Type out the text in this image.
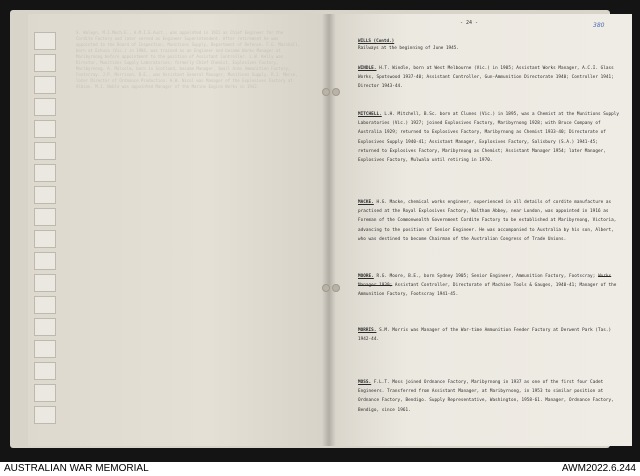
S. Walwyn, M.I.Mech.E., A.M.I.E.Aust., was appointed in 1915 as Chief Engineer for the Cordite Factory and later served as Engineer Superintendent. After retirement he was appointed to the Board of Inspection, Munitions Supply, Department of Defence. F.G. Marshall, born at Echuca (Vic.) in 1904, was trained as an Engineer and became Works Manager at Maribyrnong before appointment to the position of Assistant Controller. L.W. Kelly was Director, Munitions Supply Laboratories; formerly Chief Chemist, Explosives Factory, Maribyrnong. A. Malcolm, born in Scotland, became Manager, Small Arms Ammunition Factory, Footscray. J.P. Morrison, B.E., was Assistant General Manager, Munitions Supply. R.J. Morse, later Director of Ordnance Production. H.W. Nicol was Manager of the Explosives Factory at Albion. M.J. Noble was appointed Manager of the Marine Engine Works in 1942.
- 24 -	380
WILLS (Contd.)
Railways at the beginning of June 1945.
WINDLE. H.T. Windle, born at West Melbourne (Vic.) in 1905; Assistant Works Manager, A.C.I. Glass Works, Spotswood 1937-40; Assistant Controller, Gun-Ammunition Directorate 1940; Controller 1941; Director 1943-44.
MITCHELL. L.H. Mitchell, B.Sc. born at Clunes (Vic.) in 1895, was a Chemist at the Munitions Supply Laboratories (Vic.) 1927; joined Explosives Factory, Maribyrnong 1928; with Bruce Company of Australia 1929; returned to Explosives Factory, Maribyrnong as Chemist 1933-40; Directorate of Explosives Supply 1940-41; Assistant Manager, Explosives Factory, Salisbury (S.A.) 1941-45; returned to Explosives Factory, Maribyrnong as Chemist; Assistant Manager 1954; later Manager, Explosives Factory, Mulwala until retiring in 1970.
MACKE. H.G. Macke, chemical works engineer, experienced in all details of cordite manufacture as practised at the Royal Explosives Factory, Waltham Abbey, near London, was appointed in 1916 as Foreman of the Commonwealth Government Cordite Factory to be established at Maribyrnong, Victoria, advancing to the position of Senior Engineer. He was accompanied to Australia by his son, Albert, who was destined to become Chairman of the Australian Congress of Trade Unions.
MOORE. R.G. Moore, B.E., born Sydney 1905; Senior Engineer, Ammunition Factory, Footscray; Works Manager 1939; Assistant Controller, Directorate of Machine Tools & Gauges, 1940-41; Manager of the Ammunition Factory, Footscray 1941-45.
MORRIS. S.M. Morris was Manager of the War-time Ammunition Feeder Factory at Derwent Park (Tas.) 1942-44.
MOSS. F.L.T. Moss joined Ordnance Factory, Maribyrnong in 1937 as one of the first four Cadet Engineers. Transferred from Assistant Manager, at Maribyrnong, in 1953 to similar position at Ordnance Factory, Bendigo. Supply Representative, Washington, 1958-61. Manager, Ordnance Factory, Bendigo, since 1961.
AUSTRALIAN WAR MEMORIAL	AWM2022.6.244
